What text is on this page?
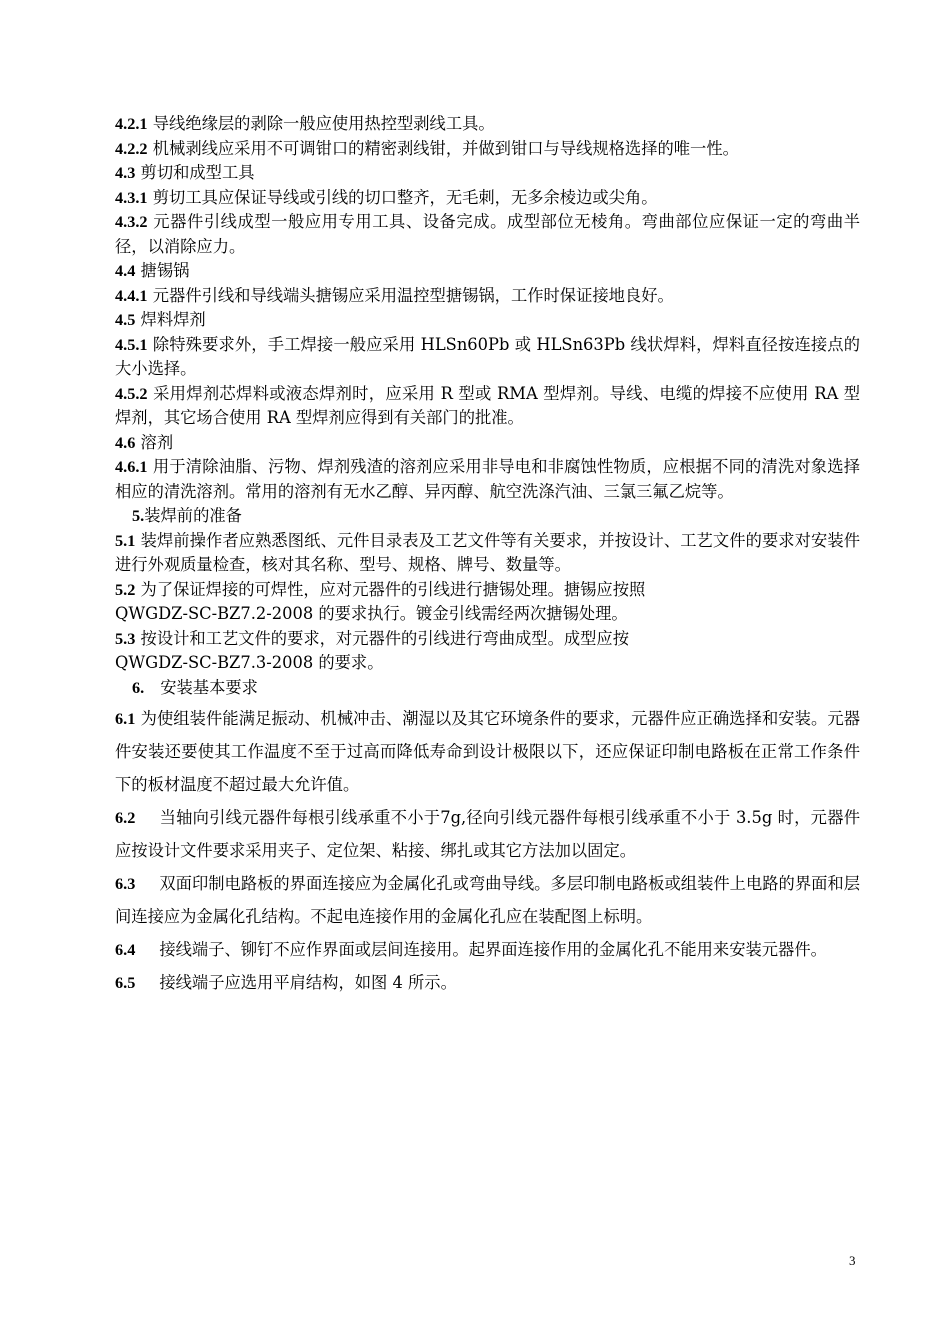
4.2.1 导线绝缘层的剥除一般应使用热控型剥线工具。

4.2.2 机械剥线应采用不可调钳口的精密剥线钳，并做到钳口与导线规格选择的唯一性。

4.3 剪切和成型工具

4.3.1 剪切工具应保证导线或引线的切口整齐，无毛刺，无多余棱边或尖角。

4.3.2 元器件引线成型一般应用专用工具、设备完成。成型部位无棱角。弯曲部位应保证一定的弯曲半径，以消除应力。

4.4 搪锡锅

4.4.1 元器件引线和导线端头搪锡应采用温控型搪锡锅，工作时保证接地良好。

4.5 焊料焊剂

4.5.1 除特殊要求外，手工焊接一般应采用 HLSn60Pb 或 HLSn63Pb 线状焊料，焊料直径按连接点的大小选择。

4.5.2 采用焊剂芯焊料或液态焊剂时，应采用 R 型或 RMA 型焊剂。导线、电缆的焊接不应使用 RA 型焊剂，其它场合使用 RA 型焊剂应得到有关部门的批准。

4.6 溶剂

4.6.1 用于清除油脂、污物、焊剂残渣的溶剂应采用非导电和非腐蚀性物质，应根据不同的清洗对象选择相应的清洗溶剂。常用的溶剂有无水乙醇、异丙醇、航空洗涤汽油、三氯三氟乙烷等。

5.装焊前的准备

5.1 装焊前操作者应熟悉图纸、元件目录表及工艺文件等有关要求，并按设计、工艺文件的要求对安装件进行外观质量检查，核对其名称、型号、规格、牌号、数量等。

5.2 为了保证焊接的可焊性，应对元器件的引线进行搪锡处理。搪锡应按照
QWGDZ-SC-BZ7.2-2008 的要求执行。镀金引线需经两次搪锡处理。

5.3 按设计和工艺文件的要求，对元器件的引线进行弯曲成型。成型应按
QWGDZ-SC-BZ7.3-2008 的要求。

6. 安装基本要求

6.1 为使组装件能满足振动、机械冲击、潮湿以及其它环境条件的要求，元器件应正确选择和安装。元器件安装还要使其工作温度不至于过高而降低寿命到设计极限以下，还应保证印制电路板在正常工作条件下的板材温度不超过最大允许值。

6.2 当轴向引线元器件每根引线承重不小于7g,径向引线元器件每根引线承重不小于 3.5g 时，元器件应按设计文件要求采用夹子、定位架、粘接、绑扎或其它方法加以固定。

6.3 双面印制电路板的界面连接应为金属化孔或弯曲导线。多层印制电路板或组装件上电路的界面和层间连接应为金属化孔结构。不起电连接作用的金属化孔应在装配图上标明。

6.4 接线端子、铆钉不应作界面或层间连接用。起界面连接作用的金属化孔不能用来安装元器件。

6.5 接线端子应选用平肩结构，如图 4 所示。

3
